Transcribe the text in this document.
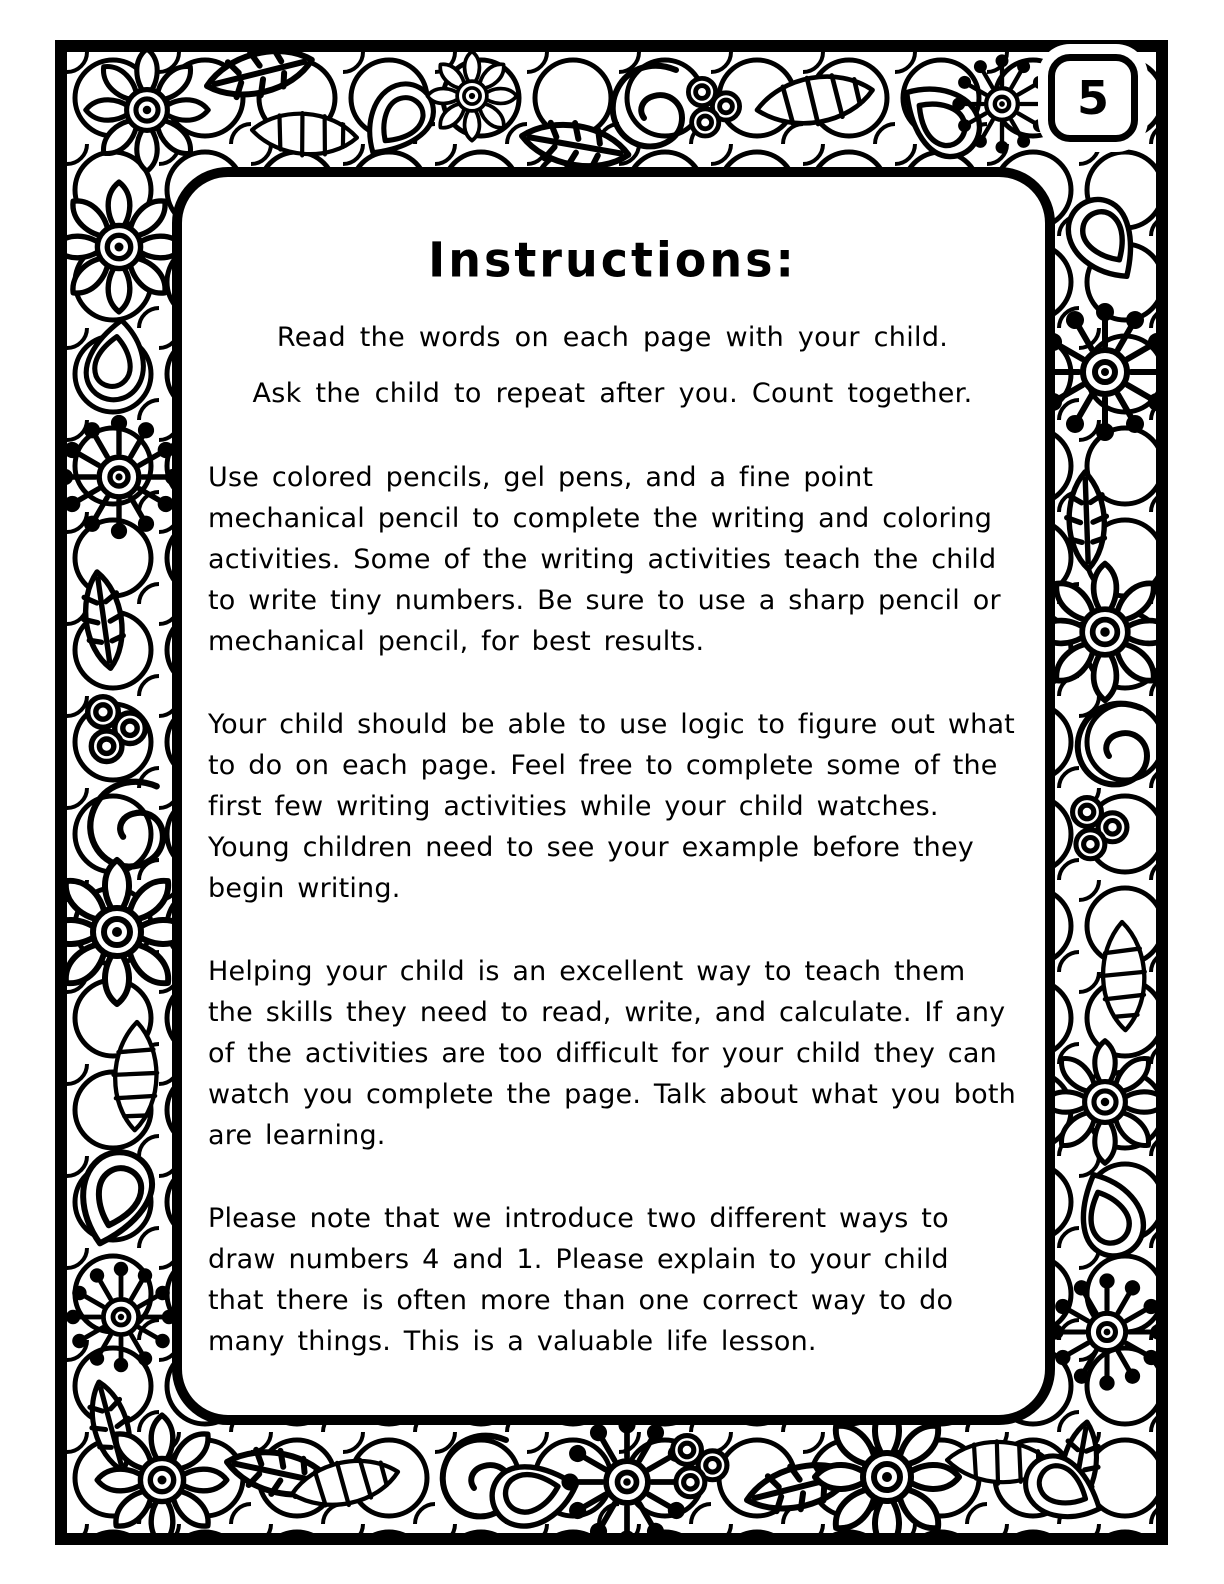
5
Instructions:

Read the words on each page with your child.

Ask the child to repeat after you. Count together.

Use colored pencils, gel pens, and a fine point mechanical pencil to complete the writing and coloring activities. Some of the writing activities teach the child to write tiny numbers. Be sure to use a sharp pencil or mechanical pencil, for best results.

Your child should be able to use logic to figure out what to do on each page. Feel free to complete some of the first few writing activities while your child watches.  Young children need to see your example before they begin writing.

Helping your child is an excellent way to teach them the skills they need to read, write, and calculate. If any of the activities are too difficult for your child they can watch you complete the page. Talk about what you both are learning.

Please note that we introduce two different ways to draw numbers 4 and 1. Please explain to your child that there is often more than one correct way to do many things. This is a valuable life lesson.
